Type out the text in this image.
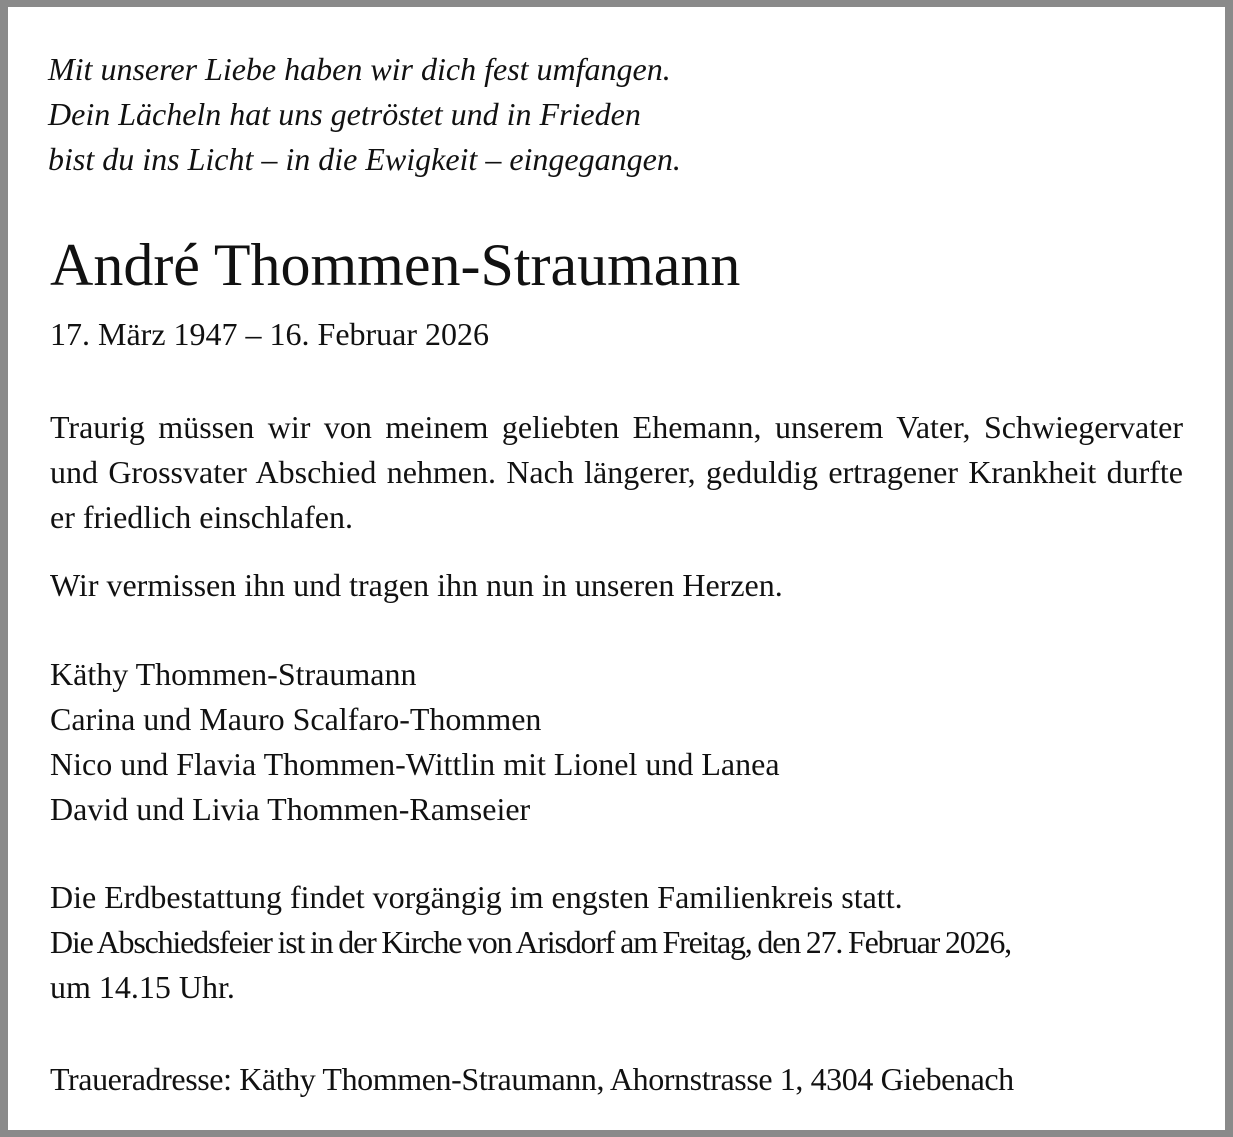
Mit unserer Liebe haben wir dich fest umfangen.
Dein Lächeln hat uns getröstet und in Frieden
bist du ins Licht – in die Ewigkeit – eingegangen.
André Thommen-Straumann
17. März 1947 – 16. Februar 2026

Traurig müssen wir von meinem geliebten Ehemann, unserem Vater, Schwiegervater und Grossvater Abschied nehmen. Nach längerer, geduldig ertragener Krankheit durfte er friedlich einschlafen.

Wir vermissen ihn und tragen ihn nun in unseren Herzen.

Käthy Thommen-Straumann
Carina und Mauro Scalfaro-Thommen
Nico und Flavia Thommen-Wittlin mit Lionel und Lanea
David und Livia Thommen-Ramseier
Die Erdbestattung findet vorgängig im engsten Familienkreis statt.
Die Abschiedsfeier ist in der Kirche von Arisdorf am Freitag, den 27. Februar 2026,
um 14.15 Uhr.
Traueradresse: Käthy Thommen-Straumann, Ahornstrasse 1, 4304 Giebenach
